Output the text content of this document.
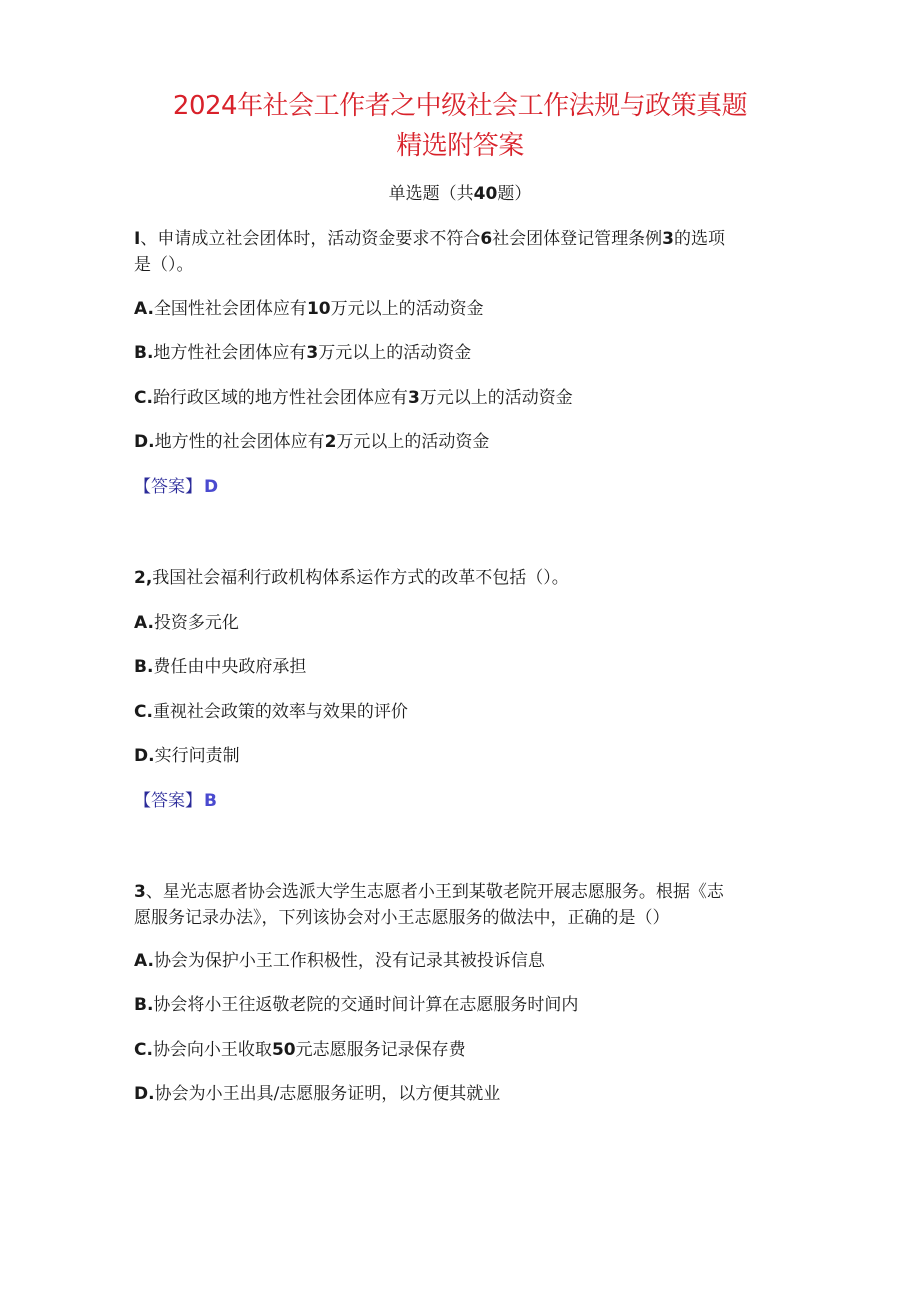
2024年社会工作者之中级社会工作法规与政策真题
精选附答案
单选题（共40题）
I、申请成立社会团体时，活动资金要求不符合6社会团体登记管理条例3的选项
是（）。
A.全国性社会团体应有10万元以上的活动资金
B.地方性社会团体应有3万元以上的活动资金
C.跆行政区域的地方性社会团体应有3万元以上的活动资金
D.地方性的社会团体应有2万元以上的活动资金
【答案】 D
2,我国社会福利行政机构体系运作方式的改革不包括（）。
A.投资多元化
B.费任由中央政府承担
C.重视社会政策的效率与效果的评价
D.实行问责制
【答案】 B
3、星光志愿者协会选派大学生志愿者小王到某敬老院开展志愿服务。根据《志
愿服务记录办法》，下列该协会对小王志愿服务的做法中，正确的是（）
A.协会为保护小王工作积极性，没有记录其被投诉信息
B.协会将小王往返敬老院的交通时间计算在志愿服务时间内
C.协会向小王收取50元志愿服务记录保存费
D.协会为小王出具/志愿服务证明，以方便其就业
